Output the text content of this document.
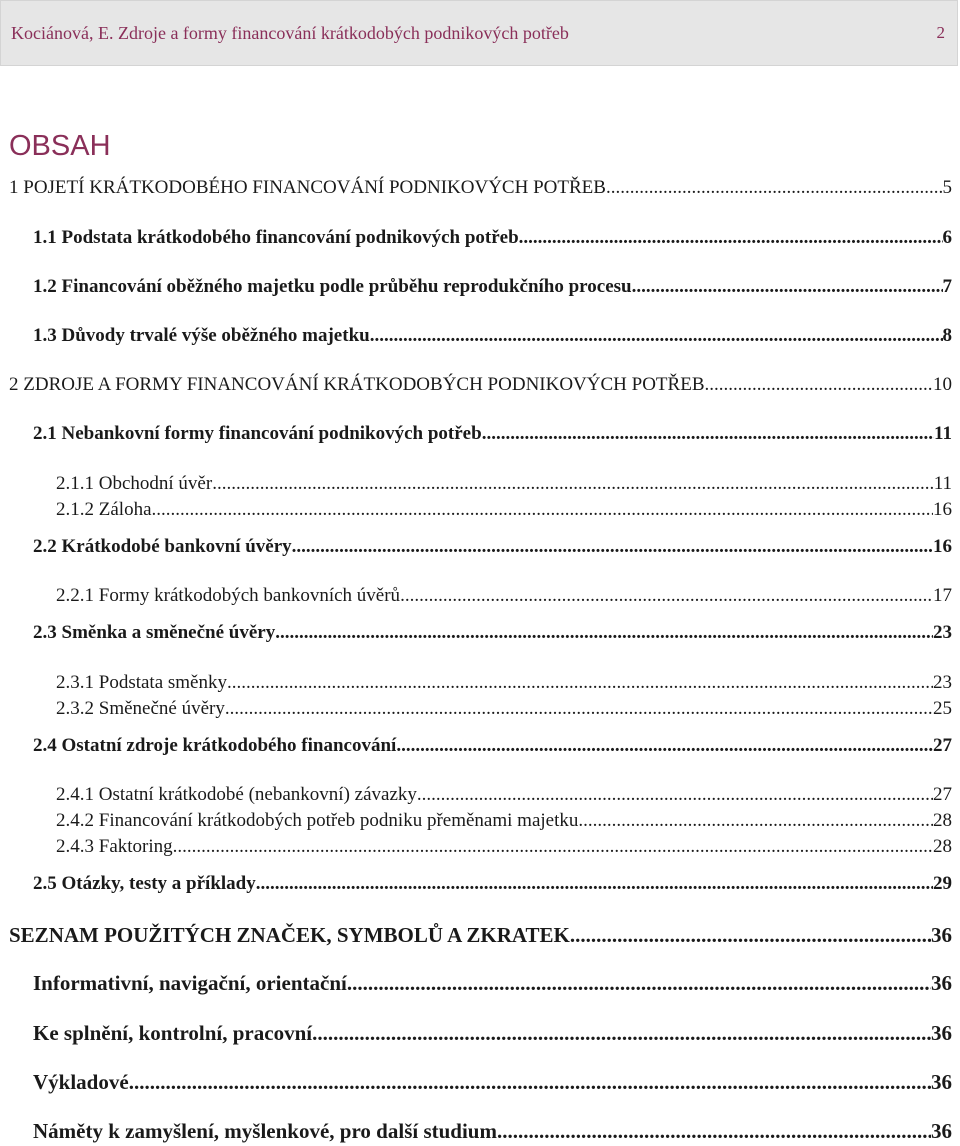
Kociánová, E. Zdroje a formy financování krátkodobých podnikových potřeb	2
OBSAH
1 POJETÍ KRÁTKODOBÉHO FINANCOVÁNÍ PODNIKOVÝCH POTŘEB .....	5
1.1 Podstata krátkodobého financování podnikových potřeb .....	6
1.2 Financování oběžného majetku podle průběhu reprodukčního procesu .....	7
1.3 Důvody trvalé výše oběžného majetku .....	8
2 ZDROJE A FORMY FINANCOVÁNÍ KRÁTKODOBÝCH PODNIKOVÝCH POTŘEB .....	10
2.1 Nebankovní formy financování podnikových potřeb .....	11
2.1.1 Obchodní úvěr .....	11
2.1.2 Záloha .....	16
2.2 Krátkodobé bankovní úvěry .....	16
2.2.1 Formy krátkodobých bankovních úvěrů .....	17
2.3 Směnka a směnečné úvěry .....	23
2.3.1 Podstata směnky .....	23
2.3.2 Směnečné úvěry .....	25
2.4 Ostatní zdroje krátkodobého financování .....	27
2.4.1 Ostatní krátkodobé (nebankovní) závazky .....	27
2.4.2 Financování krátkodobých potřeb podniku přeměnami majetku .....	28
2.4.3 Faktoring .....	28
2.5 Otázky, testy a příklady .....	29
SEZNAM POUŽITÝCH ZNAČEK, SYMBOLŮ A ZKRATEK .....	36
Informativní, navigační, orientační .....	36
Ke splnění, kontrolní, pracovní .....	36
Výkladové .....	36
Náměty k zamyšlení, myšlenkové, pro další studium .....	36
